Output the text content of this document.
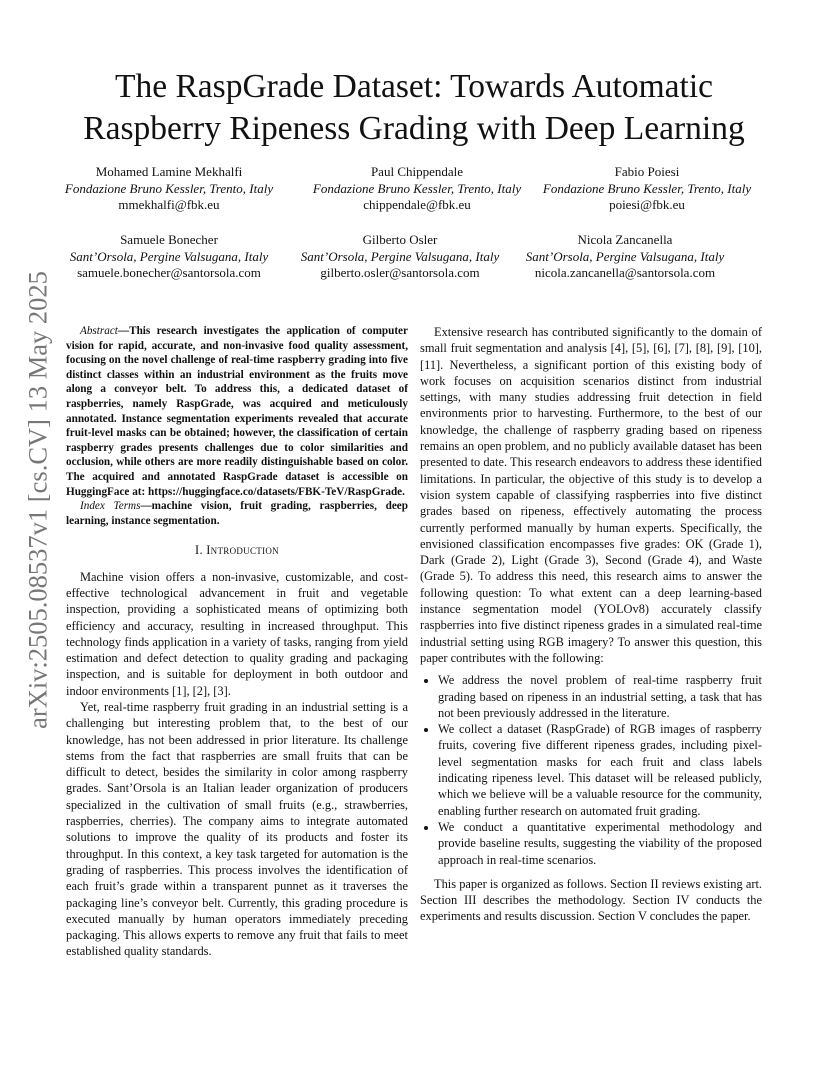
The RaspGrade Dataset: Towards Automatic
Raspberry Ripeness Grading with Deep Learning
Mohamed Lamine Mekhalfi
Fondazione Bruno Kessler, Trento, Italy
mmekhalfi@fbk.eu
Paul Chippendale
Fondazione Bruno Kessler, Trento, Italy
chippendale@fbk.eu
Fabio Poiesi
Fondazione Bruno Kessler, Trento, Italy
poiesi@fbk.eu
Samuele Bonecher
Sant’Orsola, Pergine Valsugana, Italy
samuele.bonecher@santorsola.com
Gilberto Osler
Sant’Orsola, Pergine Valsugana, Italy
gilberto.osler@santorsola.com
Nicola Zancanella
Sant’Orsola, Pergine Valsugana, Italy
nicola.zancanella@santorsola.com
arXiv:2505.08537v1 [cs.CV] 13 May 2025	Abstract—This research investigates the application of computer vision for rapid, accurate, and non-invasive food quality assessment, focusing on the novel challenge of real-time raspberry grading into five distinct classes within an industrial environment as the fruits move along a conveyor belt. To address this, a dedicated dataset of raspberries, namely RaspGrade, was acquired and meticulously annotated. Instance segmentation experiments revealed that accurate fruit-level masks can be obtained; however, the classification of certain raspberry grades presents challenges due to color similarities and occlusion, while others are more readily distinguishable based on color. The acquired and annotated RaspGrade dataset is accessible on HuggingFace at: https://huggingface.co/datasets/FBK-TeV/RaspGrade.
Index Terms—machine vision, fruit grading, raspberries, deep learning, instance segmentation.
I. Introduction

Machine vision offers a non-invasive, customizable, and cost-effective technological advancement in fruit and vegetable inspection, providing a sophisticated means of optimizing both efficiency and accuracy, resulting in increased throughput. This technology finds application in a variety of tasks, ranging from yield estimation and defect detection to quality grading and packaging inspection, and is suitable for deployment in both outdoor and indoor environments [1], [2], [3].

Yet, real-time raspberry fruit grading in an industrial setting is a challenging but interesting problem that, to the best of our knowledge, has not been addressed in prior literature. Its challenge stems from the fact that raspberries are small fruits that can be difficult to detect, besides the similarity in color among raspberry grades. Sant’Orsola is an Italian leader organization of producers specialized in the cultivation of small fruits (e.g., strawberries, raspberries, cherries). The company aims to integrate automated solutions to improve the quality of its products and foster its throughput. In this context, a key task targeted for automation is the grading of raspberries. This process involves the identification of each fruit’s grade within a transparent punnet as it traverses the packaging line’s conveyor belt. Currently, this grading procedure is executed manually by human operators immediately preceding packaging. This allows experts to remove any fruit that fails to meet established quality standards.

Extensive research has contributed significantly to the domain of small fruit segmentation and analysis [4], [5], [6], [7], [8], [9], [10], [11]. Nevertheless, a significant portion of this existing body of work focuses on acquisition scenarios distinct from industrial settings, with many studies addressing fruit detection in field environments prior to harvesting. Furthermore, to the best of our knowledge, the challenge of raspberry grading based on ripeness remains an open problem, and no publicly available dataset has been presented to date. This research endeavors to address these identified limitations. In particular, the objective of this study is to develop a vision system capable of classifying raspberries into five distinct grades based on ripeness, effectively automating the process currently performed manually by human experts. Specifically, the envisioned classification encompasses five grades: OK (Grade 1), Dark (Grade 2), Light (Grade 3), Second (Grade 4), and Waste (Grade 5). To address this need, this research aims to answer the following question: To what extent can a deep learning-based instance segmentation model (YOLOv8) accurately classify raspberries into five distinct ripeness grades in a simulated real-time industrial setting using RGB imagery? To answer this question, this paper contributes with the following:

• We address the novel problem of real-time raspberry fruit grading based on ripeness in an industrial setting, a task that has not been previously addressed in the literature.
• We collect a dataset (RaspGrade) of RGB images of raspberry fruits, covering five different ripeness grades, including pixel-level segmentation masks for each fruit and class labels indicating ripeness level. This dataset will be released publicly, which we believe will be a valuable resource for the community, enabling further research on automated fruit grading.
• We conduct a quantitative experimental methodology and provide baseline results, suggesting the viability of the proposed approach in real-time scenarios.

This paper is organized as follows. Section II reviews existing art. Section III describes the methodology. Section IV conducts the experiments and results discussion. Section V concludes the paper.
